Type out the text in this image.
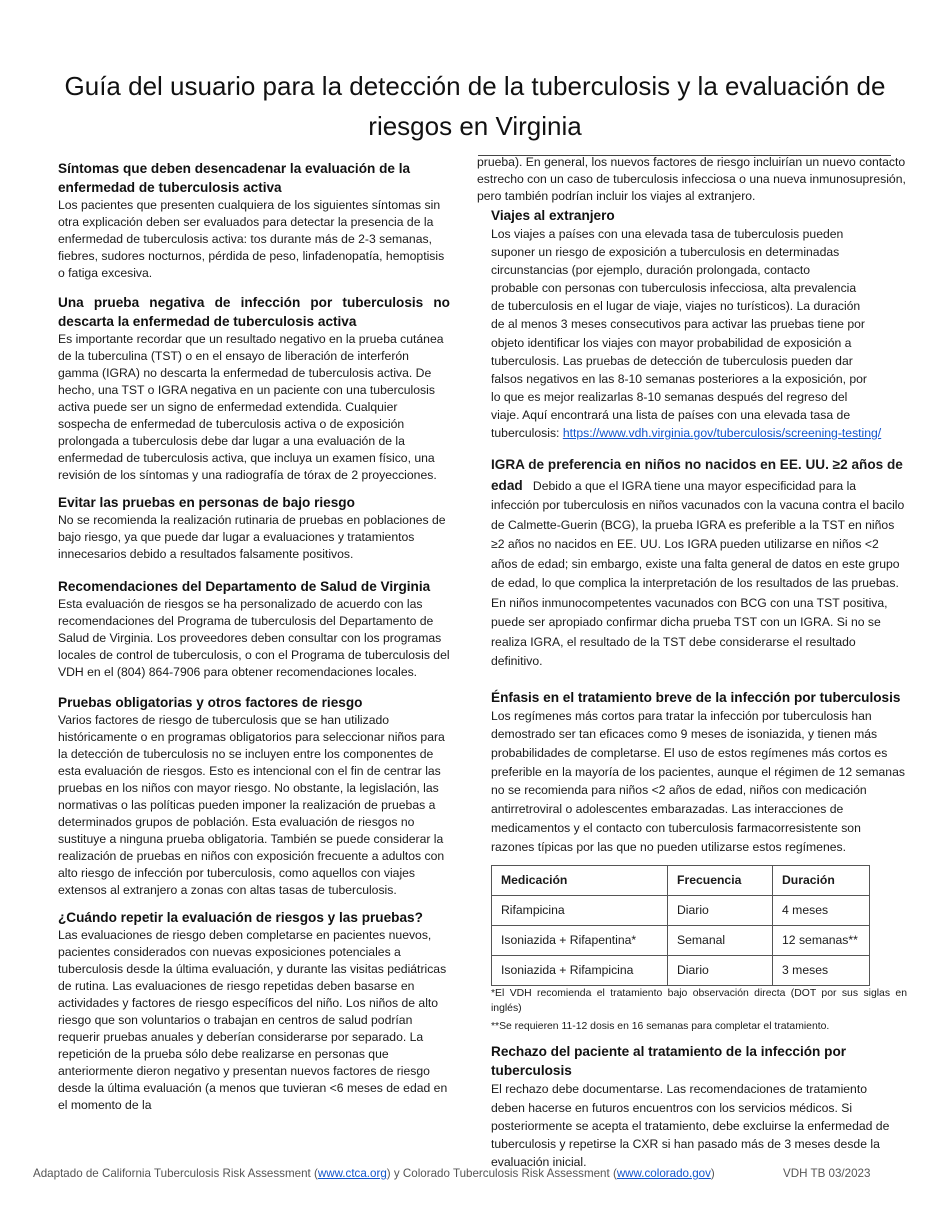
Guía del usuario para la detección de la tuberculosis y la evaluación de riesgos en Virginia
Síntomas que deben desencadenar la evaluación de la enfermedad de tuberculosis activa

Los pacientes que presenten cualquiera de los siguientes síntomas sin otra explicación deben ser evaluados para detectar la presencia de la enfermedad de tuberculosis activa: tos durante más de 2-3 semanas, fiebres, sudores nocturnos, pérdida de peso, linfadenopatía, hemoptisis o fatiga excesiva.

Una prueba negativa de infección por tuberculosis no descarta la enfermedad de tuberculosis activa

Es importante recordar que un resultado negativo en la prueba cutánea de la tuberculina (TST) o en el ensayo de liberación de interferón gamma (IGRA) no descarta la enfermedad de tuberculosis activa. De hecho, una TST o IGRA negativa en un paciente con una tuberculosis activa puede ser un signo de enfermedad extendida. Cualquier sospecha de enfermedad de tuberculosis activa o de exposición prolongada a tuberculosis debe dar lugar a una evaluación de la enfermedad de tuberculosis activa, que incluya un examen físico, una revisión de los síntomas y una radiografía de tórax de 2 proyecciones.

Evitar las pruebas en personas de bajo riesgo

No se recomienda la realización rutinaria de pruebas en poblaciones de bajo riesgo, ya que puede dar lugar a evaluaciones y tratamientos innecesarios debido a resultados falsamente positivos.

Recomendaciones del Departamento de Salud de Virginia

Esta evaluación de riesgos se ha personalizado de acuerdo con las recomendaciones del Programa de tuberculosis del Departamento de Salud de Virginia. Los proveedores deben consultar con los programas locales de control de tuberculosis, o con el Programa de tuberculosis del VDH en el (804) 864-7906 para obtener recomendaciones locales.

Pruebas obligatorias y otros factores de riesgo

Varios factores de riesgo de tuberculosis que se han utilizado históricamente o en programas obligatorios para seleccionar niños para la detección de tuberculosis no se incluyen entre los componentes de esta evaluación de riesgos. Esto es intencional con el fin de centrar las pruebas en los niños con mayor riesgo. No obstante, la legislación, las normativas o las políticas pueden imponer la realización de pruebas a determinados grupos de población. Esta evaluación de riesgos no sustituye a ninguna prueba obligatoria. También se puede considerar la realización de pruebas en niños con exposición frecuente a adultos con alto riesgo de infección por tuberculosis, como aquellos con viajes extensos al extranjero a zonas con altas tasas de tuberculosis.

¿Cuándo repetir la evaluación de riesgos y las pruebas?

Las evaluaciones de riesgo deben completarse en pacientes nuevos, pacientes considerados con nuevas exposiciones potenciales a tuberculosis desde la última evaluación, y durante las visitas pediátricas de rutina. Las evaluaciones de riesgo repetidas deben basarse en actividades y factores de riesgo específicos del niño. Los niños de alto riesgo que son voluntarios o trabajan en centros de salud podrían requerir pruebas anuales y deberían considerarse por separado. La repetición de la prueba sólo debe realizarse en personas que anteriormente dieron negativo y presentan nuevos factores de riesgo desde la última evaluación (a menos que tuvieran <6 meses de edad en el momento de la

prueba). En general, los nuevos factores de riesgo incluirían un nuevo contacto estrecho con un caso de tuberculosis infecciosa o una nueva inmunosupresión, pero también podrían incluir los viajes al extranjero.

Viajes al extranjero
Los viajes a países con una elevada tasa de tuberculosis pueden
suponer un riesgo de exposición a tuberculosis en determinadas
circunstancias (por ejemplo, duración prolongada, contacto
probable con personas con tuberculosis infecciosa, alta prevalencia
de tuberculosis en el lugar de viaje, viajes no turísticos). La duración
de al menos 3 meses consecutivos para activar las pruebas tiene por
objeto identificar los viajes con mayor probabilidad de exposición a
tuberculosis. Las pruebas de detección de tuberculosis pueden dar
falsos negativos en las 8-10 semanas posteriores a la exposición, por
lo que es mejor realizarlas 8-10 semanas después del regreso del
viaje. Aquí encontrará una lista de países con una elevada tasa de
tuberculosis: https://www.vdh.virginia.gov/tuberculosis/screening-testing/

IGRA de preferencia en niños no nacidos en EE. UU. ≥2 años de edad Debido a que el IGRA tiene una mayor especificidad para la infección por tuberculosis en niños vacunados con la vacuna contra el bacilo de Calmette-Guerin (BCG), la prueba IGRA es preferible a la TST en niños ≥2 años no nacidos en EE. UU. Los IGRA pueden utilizarse en niños <2 años de edad; sin embargo, existe una falta general de datos en este grupo de edad, lo que complica la interpretación de los resultados de las pruebas. En niños inmunocompetentes vacunados con BCG con una TST positiva, puede ser apropiado confirmar dicha prueba TST con un IGRA. Si no se realiza IGRA, el resultado de la TST debe considerarse el resultado definitivo.

Énfasis en el tratamiento breve de la infección por tuberculosis

Los regímenes más cortos para tratar la infección por tuberculosis han demostrado ser tan eficaces como 9 meses de isoniazida, y tienen más probabilidades de completarse. El uso de estos regímenes más cortos es preferible en la mayoría de los pacientes, aunque el régimen de 12 semanas no se recomienda para niños <2 años de edad, niños con medicación antirretroviral o adolescentes embarazadas. Las interacciones de medicamentos y el contacto con tuberculosis farmacorresistente son razones típicas por las que no pueden utilizarse estos regímenes.

Medicación	Frecuencia	Duración
Rifampicina	Diario	4 meses
Isoniazida + Rifapentina*	Semanal	12 semanas**
Isoniazida + Rifampicina	Diario	3 meses

*El VDH recomienda el tratamiento bajo observación directa (DOT por sus siglas en inglés)

**Se requieren 11-12 dosis en 16 semanas para completar el tratamiento.

Rechazo del paciente al tratamiento de la infección por tuberculosis

El rechazo debe documentarse. Las recomendaciones de tratamiento deben hacerse en futuros encuentros con los servicios médicos. Si posteriormente se acepta el tratamiento, debe excluirse la enfermedad de tuberculosis y repetirse la CXR si han pasado más de 3 meses desde la evaluación inicial.

Adaptado de California Tuberculosis Risk Assessment (www.ctca.org) y Colorado Tuberculosis Risk Assessment (www.colorado.gov)	VDH TB 03/2023
